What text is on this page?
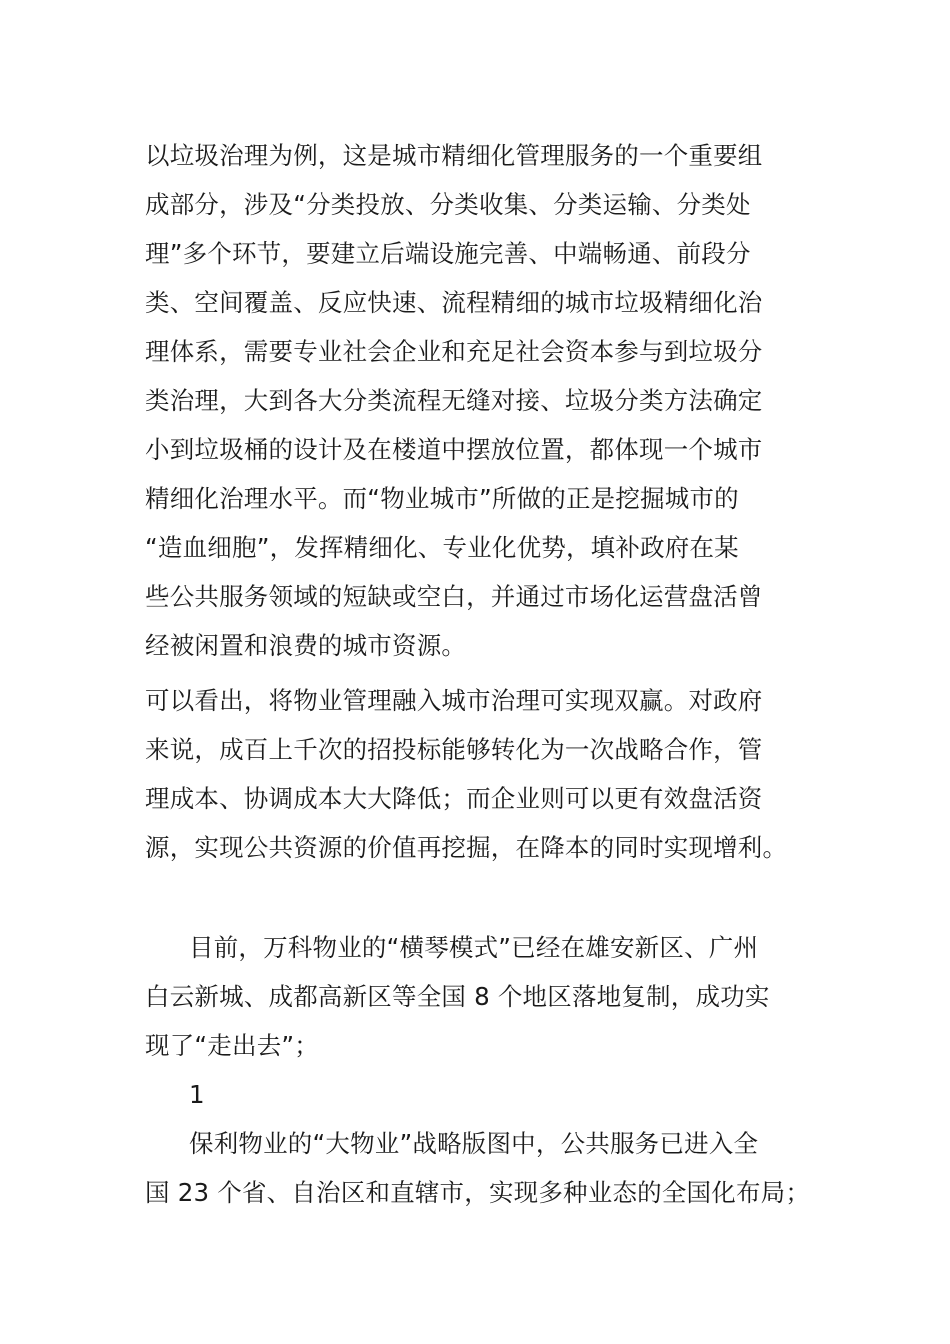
以垃圾治理为例，这是城市精细化管理服务的一个重要组
成部分，涉及“分类投放、分类收集、分类运输、分类处
理”多个环节，要建立后端设施完善、中端畅通、前段分
类、空间覆盖、反应快速、流程精细的城市垃圾精细化治
理体系，需要专业社会企业和充足社会资本参与到垃圾分
类治理，大到各大分类流程无缝对接、垃圾分类方法确定
小到垃圾桶的设计及在楼道中摆放位置，都体现一个城市
精细化治理水平。而“物业城市”所做的正是挖掘城市的
“造血细胞”，发挥精细化、专业化优势，填补政府在某
些公共服务领域的短缺或空白，并通过市场化运营盘活曾
经被闲置和浪费的城市资源。
可以看出，将物业管理融入城市治理可实现双赢。对政府
来说，成百上千次的招投标能够转化为一次战略合作，管
理成本、协调成本大大降低；而企业则可以更有效盘活资
源，实现公共资源的价值再挖掘，在降本的同时实现增利。
目前，万科物业的“横琴模式”已经在雄安新区、广州
白云新城、成都高新区等全国 8 个地区落地复制，成功实
现了“走出去”；
1
保利物业的“大物业”战略版图中，公共服务已进入全
国 23 个省、自治区和直辖市，实现多种业态的全国化布局；
